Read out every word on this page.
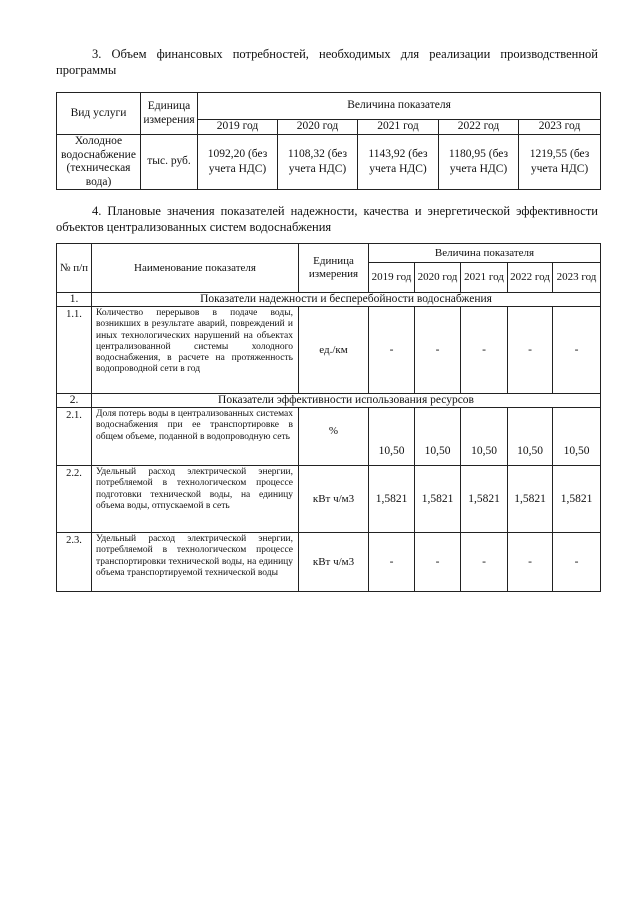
3. Объем финансовых потребностей, необходимых для реализации производственной программы
Вид услуги	Единица измерения	Величина показателя				
		2019 год	2020 год	2021 год	2022 год	2023 год
Холодное водоснабжение (техническая вода)	тыс. руб.	1092,20 (без учета НДС)	1108,32 (без учета НДС)	1143,92 (без учета НДС)	1180,95 (без учета НДС)	1219,55 (без учета НДС)
4. Плановые значения показателей надежности, качества и энергетической эффективности объектов централизованных систем водоснабжения
№ п/п	Наименование показателя	Единица измерения	Величина показателя				
			2019 год	2020 год	2021 год	2022 год	2023 год
1.	Показатели надежности и бесперебойности водоснабжения						
1.1.	Количество перерывов в подаче воды, возникших в результате аварий, повреждений и иных технологических нарушений на объектах централизованной системы холодного водоснабжения, в расчете на протяженность водопроводной сети в год	ед./км	-	-	-	-	-
2.	Показатели эффективности использования ресурсов						
2.1.	Доля потерь воды в централизованных системах водоснабжения при ее транспортировке в общем объеме, поданной в водопроводную сеть	%	10,50	10,50	10,50	10,50	10,50
2.2.	Удельный расход электрической энергии, потребляемой в технологическом процессе подготовки технической воды, на единицу объема воды, отпускаемой в сеть	кВт ч/м3	1,5821	1,5821	1,5821	1,5821	1,5821
2.3.	Удельный расход электрической энергии, потребляемой в технологическом процессе транспортировки технической воды, на единицу объема транспортируемой технической воды	кВт ч/м3	-	-	-	-	-
